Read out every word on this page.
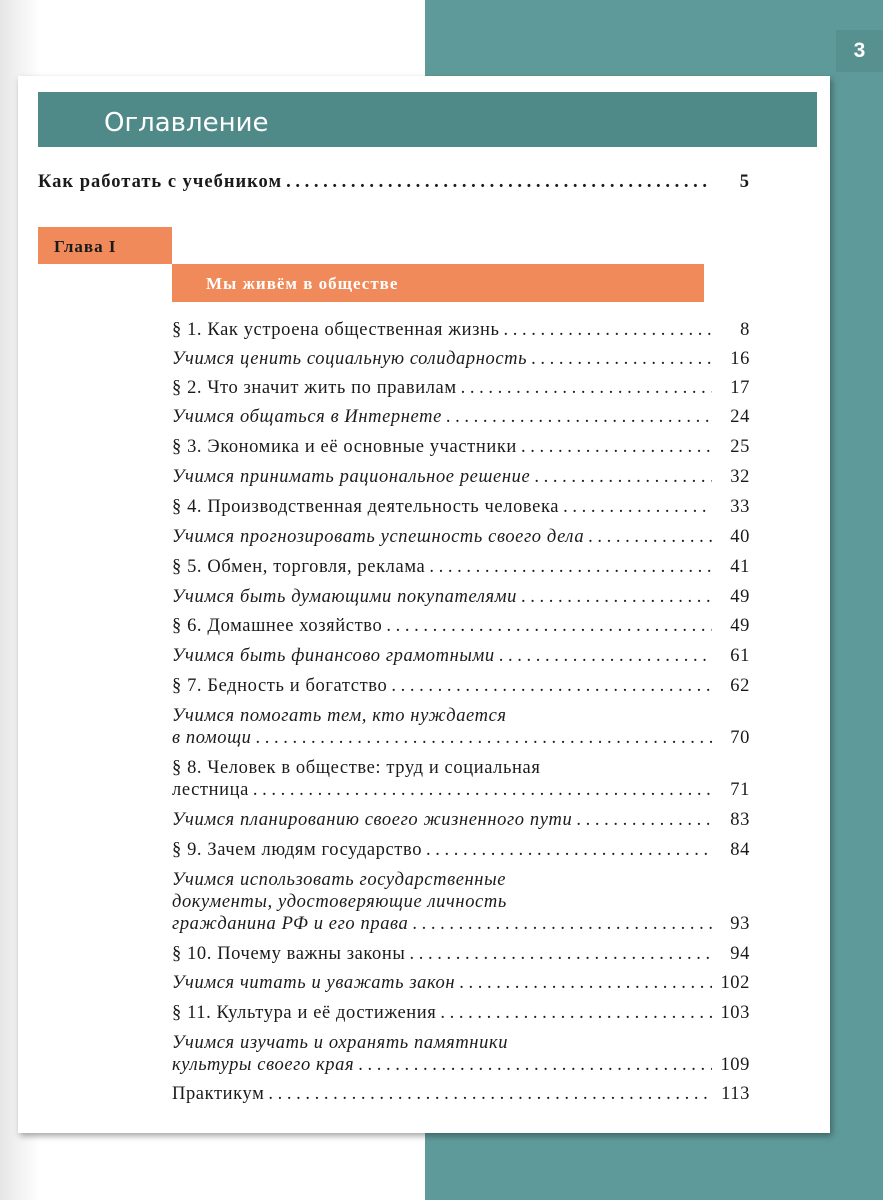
3
Оглавление
Как работать с учебником . . .	5
Глава I
Мы живём в обществе
§ 1. Как устроена общественная жизнь . . .	8
Учимся ценить социальную солидарность . . .	16
§ 2. Что значит жить по правилам . . .	17
Учимся общаться в Интернете . . .	24
§ 3. Экономика и её основные участники . . .	25
Учимся принимать рациональное решение . . .	32
§ 4. Производственная деятельность человека . . .	33
Учимся прогнозировать успешность своего дела . . .	40
§ 5. Обмен, торговля, реклама . . .	41
Учимся быть думающими покупателями . . .	49
§ 6. Домашнее хозяйство . . .	49
Учимся быть финансово грамотными . . .	61
§ 7. Бедность и богатство . . .	62
Учимся помогать тем, кто нуждается
в помощи . . .	70
§ 8. Человек в обществе: труд и социальная
лестница . . .	71
Учимся планированию своего жизненного пути . . .	83
§ 9. Зачем людям государство . . .	84
Учимся использовать государственные
документы, удостоверяющие личность
гражданина РФ и его права . . .	93
§ 10. Почему важны законы . . .	94
Учимся читать и уважать закон . . .	102
§ 11. Культура и её достижения . . .	103
Учимся изучать и охранять памятники
культуры своего края . . .	109
Практикум . . .	113
